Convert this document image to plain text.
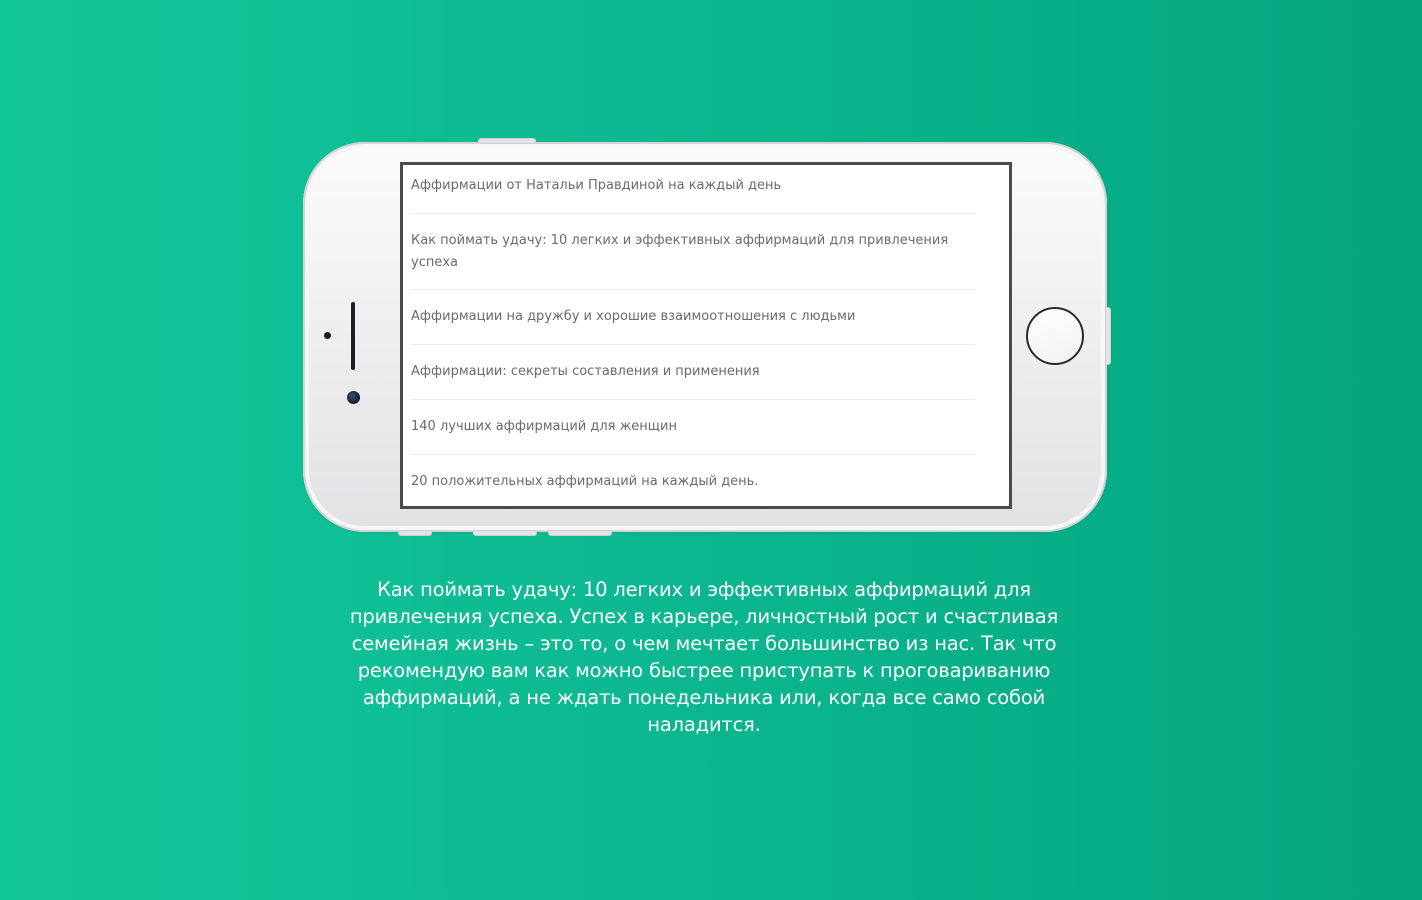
Аффирмации от Натальи Правдиной на каждый день
Как поймать удачу: 10 легких и эффективных аффирмаций для привлечения успеха
Аффирмации на дружбу и хорошие взаимоотношения с людьми
Аффирмации: секреты составления и применения
140 лучших аффирмаций для женщин
20 положительных аффирмаций на каждый день.

Как поймать удачу: 10 легких и эффективных аффирмаций для привлечения успеха. Успех в карьере, личностный рост и счастливая семейная жизнь – это то, о чем мечтает большинство из нас. Так что рекомендую вам как можно быстрее приступать к проговариванию аффирмаций, а не ждать понедельника или, когда все само собой наладится.
